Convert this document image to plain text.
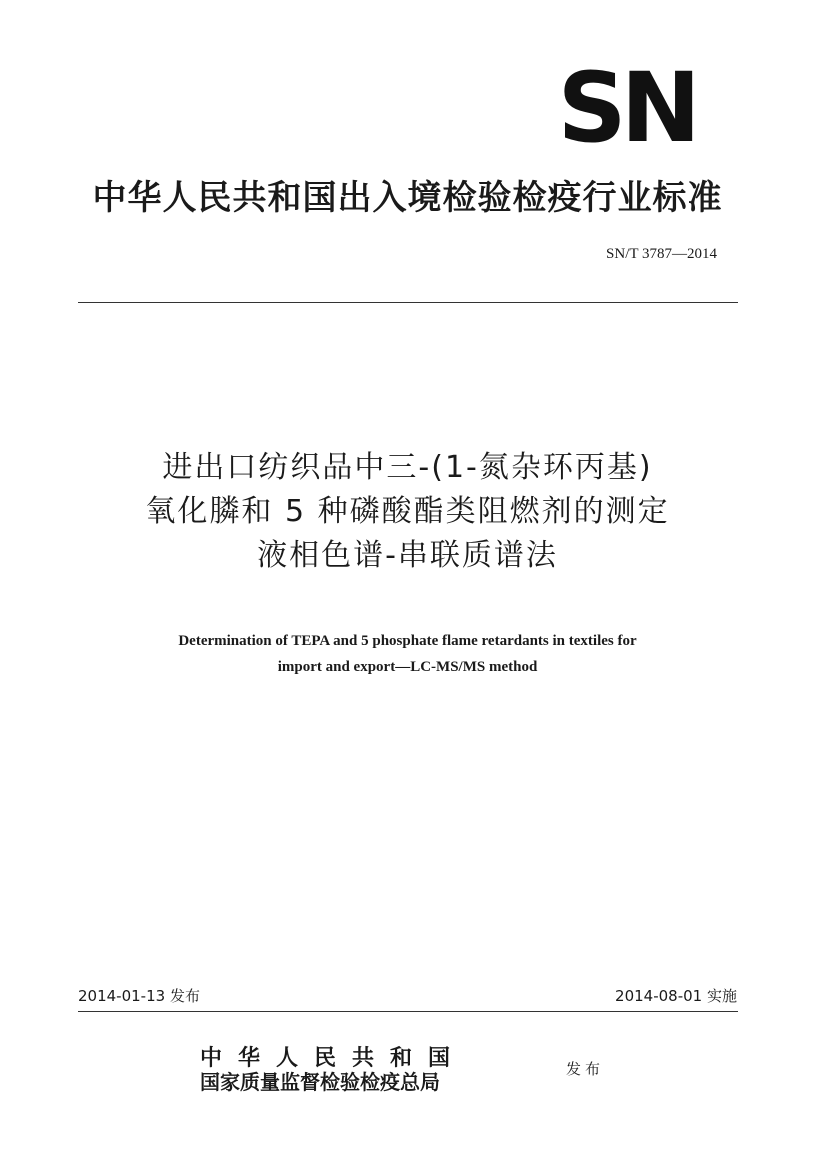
SN
中华人民共和国出入境检验检疫行业标准
SN/T 3787—2014

进出口纺织品中三-(1-氮杂环丙基)

氧化膦和 5 种磷酸酯类阻燃剂的测定

液相色谱-串联质谱法

Determination of TEPA and 5 phosphate flame retardants in textiles for
import and export—LC-MS/MS method
2014-01-13 发布	2014-08-01 实施
中华人民共和国
国家质量监督检验检疫总局
发布
